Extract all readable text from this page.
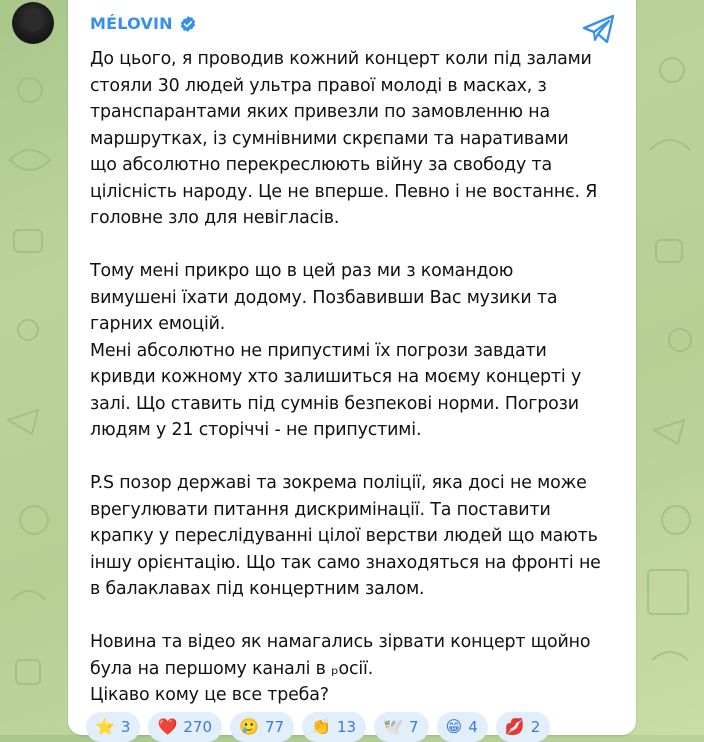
MÉLOVIN
До цього, я проводив кожний концерт коли під залами
стояли 30 людей ультра правої молоді в масках, з
транспарантами яких привезли по замовленню на
маршрутках, із сумнівними скрєпами та наративами
що абсолютно перекреслюють війну за свободу та
цілісність народу. Це не вперше. Певно і не востаннє. Я
головне зло для невігласів.
Тому мені прикро що в цей раз ми з командою
вимушені їхати додому. Позбавивши Вас музики та
гарних емоцій.
Мені абсолютно не припустимі їх погрози завдати
кривди кожному хто залишиться на моєму концерті у
залі. Що ставить під сумнів безпекові норми. Погрози
людям у 21 сторіччі - не припустимі.
P.S позор державі та зокрема поліції, яка досі не може
врегулювати питання дискримінації. Та поставити
крапку у переслідуванні цілої верстви людей що мають
іншу орієнтацію. Що так само знаходяться на фронті не
в балаклавах під концертним залом.
Новина та відео як намагались зірвати концерт щойно
була на першому каналі в ₚосії.
Цікаво кому це все треба?
⭐ 3 ❤️ 270 🥲 77 👏 13 🕊️ 7 😁 4 💋 2
